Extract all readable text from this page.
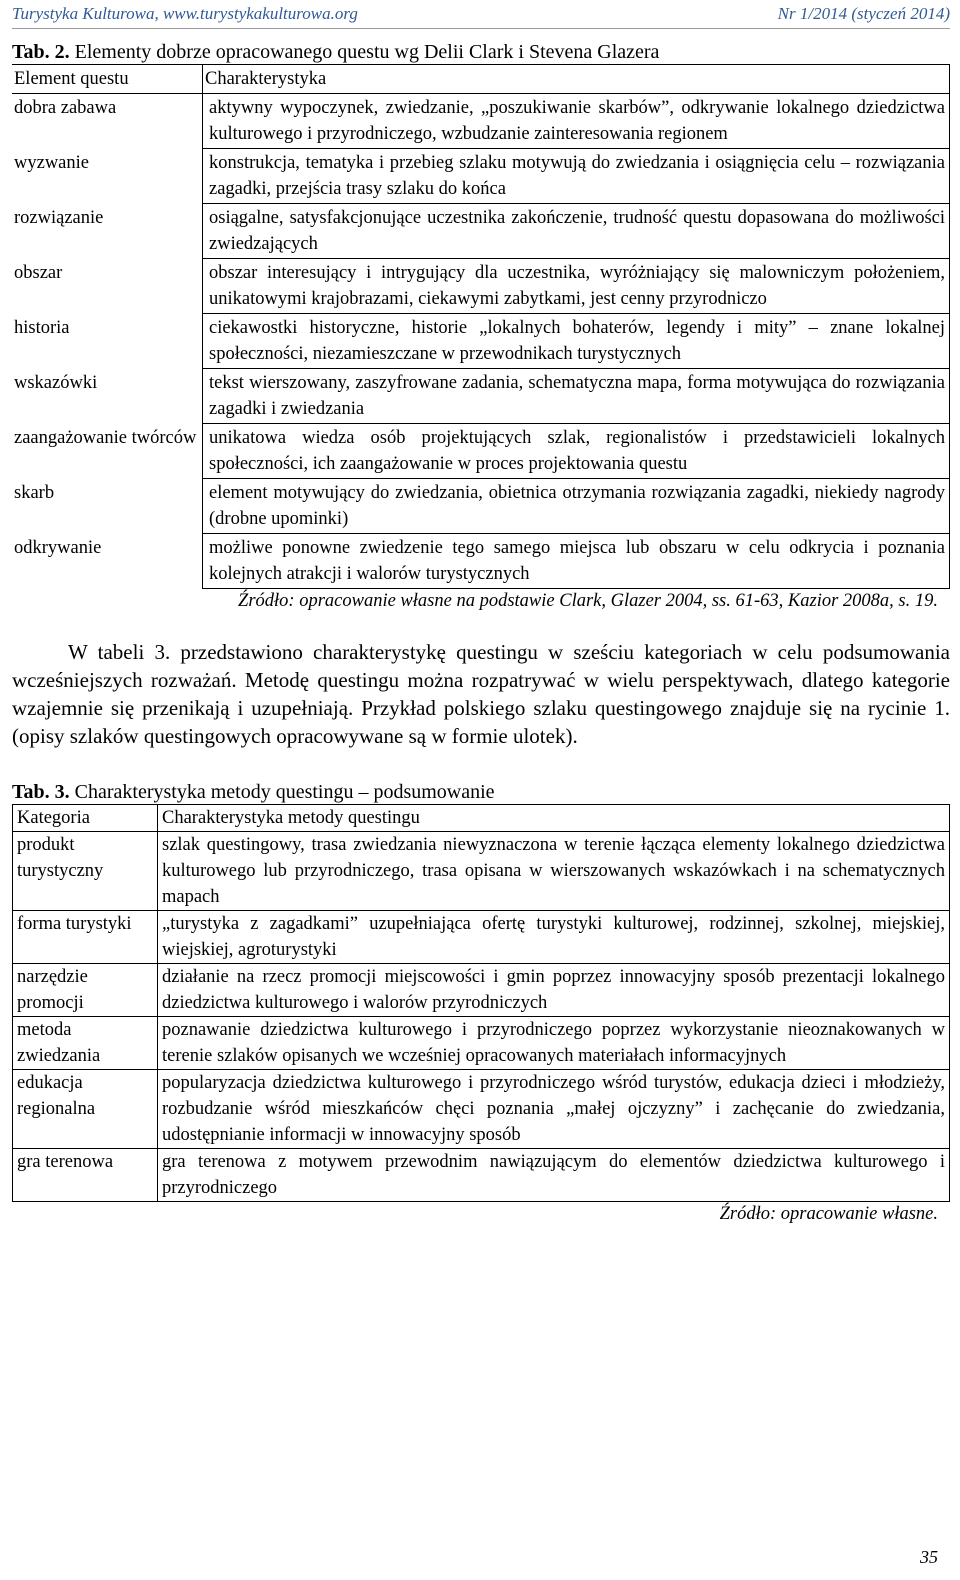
Turystyka Kulturowa, www.turystykakulturowa.org	Nr 1/2014 (styczeń 2014)
Tab. 2. Elementy dobrze opracowanego questu wg Delii Clark i Stevena Glazera
Element questu	Charakterystyka
dobra zabawa	aktywny wypoczynek, zwiedzanie, „poszukiwanie skarbów”, odkrywanie lokalnego dziedzictwa kulturowego i przyrodniczego, wzbudzanie zainteresowania regionem
wyzwanie	konstrukcja, tematyka i przebieg szlaku motywują do zwiedzania i osiągnięcia celu – rozwiązania zagadki, przejścia trasy szlaku do końca
rozwiązanie	osiągalne, satysfakcjonujące uczestnika zakończenie, trudność questu dopasowana do możliwości zwiedzających
obszar	obszar interesujący i intrygujący dla uczestnika, wyróżniający się malowniczym położeniem, unikatowymi krajobrazami, ciekawymi zabytkami, jest cenny przyrodniczo
historia	ciekawostki historyczne, historie „lokalnych bohaterów, legendy i mity” – znane lokalnej społeczności, niezamieszczane w przewodnikach turystycznych
wskazówki	tekst wierszowany, zaszyfrowane zadania, schematyczna mapa, forma motywująca do rozwiązania zagadki i zwiedzania
zaangażowanie twórców	unikatowa wiedza osób projektujących szlak, regionalistów i przedstawicieli lokalnych społeczności, ich zaangażowanie w proces projektowania questu
skarb	element motywujący do zwiedzania, obietnica otrzymania rozwiązania zagadki, niekiedy nagrody (drobne upominki)
odkrywanie	możliwe ponowne zwiedzenie tego samego miejsca lub obszaru w celu odkrycia i poznania kolejnych atrakcji i walorów turystycznych
Źródło: opracowanie własne na podstawie Clark, Glazer 2004, ss. 61-63, Kazior 2008a, s. 19.
W tabeli 3. przedstawiono charakterystykę questingu w sześciu kategoriach w celu podsumowania wcześniejszych rozważań. Metodę questingu można rozpatrywać w wielu perspektywach, dlatego kategorie wzajemnie się przenikają i uzupełniają. Przykład polskiego szlaku questingowego znajduje się na rycinie 1. (opisy szlaków questingowych opracowywane są w formie ulotek).
Tab. 3. Charakterystyka metody questingu – podsumowanie
Kategoria	Charakterystyka metody questingu
produkt turystyczny	szlak questingowy, trasa zwiedzania niewyznaczona w terenie łącząca elementy lokalnego dziedzictwa kulturowego lub przyrodniczego, trasa opisana w wierszowanych wskazówkach i na schematycznych mapach
forma turystyki	„turystyka z zagadkami” uzupełniająca ofertę turystyki kulturowej, rodzinnej, szkolnej, miejskiej, wiejskiej, agroturystyki
narzędzie promocji	działanie na rzecz promocji miejscowości i gmin poprzez innowacyjny sposób prezentacji lokalnego dziedzictwa kulturowego i walorów przyrodniczych
metoda zwiedzania	poznawanie dziedzictwa kulturowego i przyrodniczego poprzez wykorzystanie nieoznakowanych w terenie szlaków opisanych we wcześniej opracowanych materiałach informacyjnych
edukacja regionalna	popularyzacja dziedzictwa kulturowego i przyrodniczego wśród turystów, edukacja dzieci i młodzieży, rozbudzanie wśród mieszkańców chęci poznania „małej ojczyzny” i zachęcanie do zwiedzania, udostępnianie informacji w innowacyjny sposób
gra terenowa	gra terenowa z motywem przewodnim nawiązującym do elementów dziedzictwa kulturowego i przyrodniczego
Źródło: opracowanie własne.
35
